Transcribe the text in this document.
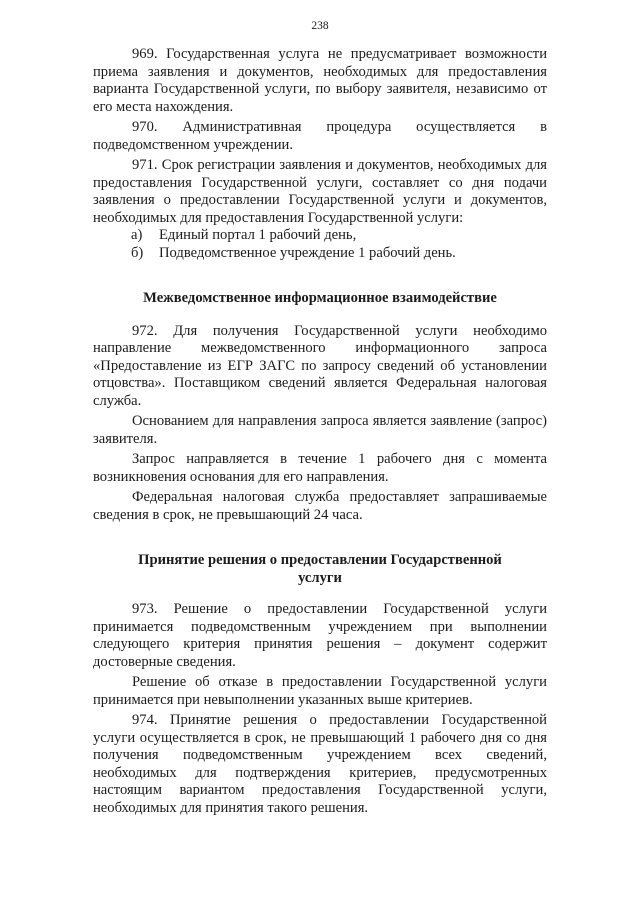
238

969. Государственная услуга не предусматривает возможности приема заявления и документов, необходимых для предоставления варианта Государственной услуги, по выбору заявителя, независимо от его места нахождения.

970. Административная процедура осуществляется в подведомственном учреждении.

971. Срок регистрации заявления и документов, необходимых для предоставления Государственной услуги, составляет со дня подачи заявления о предоставлении Государственной услуги и документов, необходимых для предоставления Государственной услуги:

а)	Единый портал 1 рабочий день,
б)	Подведомственное учреждение 1 рабочий день.

Межведомственное информационное взаимодействие

972. Для получения Государственной услуги необходимо направление межведомственного информационного запроса «Предоставление из ЕГР ЗАГС по запросу сведений об установлении отцовства». Поставщиком сведений является Федеральная налоговая служба.

Основанием для направления запроса является заявление (запрос) заявителя.

Запрос направляется в течение 1 рабочего дня с момента возникновения основания для его направления.

Федеральная налоговая служба предоставляет запрашиваемые сведения в срок, не превышающий 24 часа.

Принятие решения о предоставлении Государственной услуги

973. Решение о предоставлении Государственной услуги принимается подведомственным учреждением при выполнении следующего критерия принятия решения – документ содержит достоверные сведения.

Решение об отказе в предоставлении Государственной услуги принимается при невыполнении указанных выше критериев.

974. Принятие решения о предоставлении Государственной услуги осуществляется в срок, не превышающий 1 рабочего дня со дня получения подведомственным учреждением всех сведений, необходимых для подтверждения критериев, предусмотренных настоящим вариантом предоставления Государственной услуги, необходимых для принятия такого решения.
